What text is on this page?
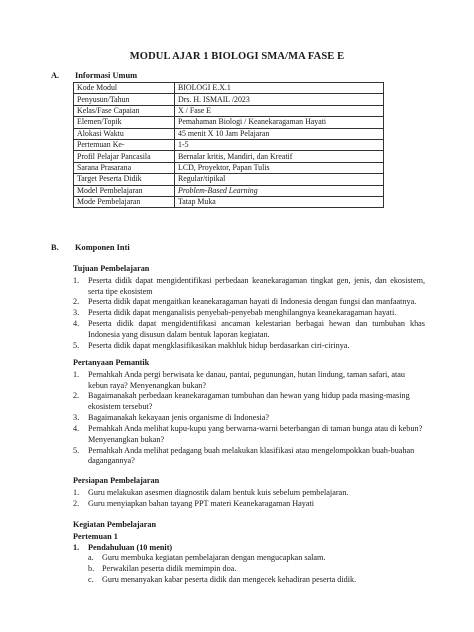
MODUL AJAR 1 BIOLOGI SMA/MA FASE E
A. Informasi Umum
Kode Modul	BIOLOGI E.X.1
Penyusun/Tahun	Drs. H. ISMAIL /2023
Kelas/Fase Capaian	X / Fase E
Elemen/Topik	Pemahaman Biologi / Keanekaragaman Hayati
Alokasi Waktu	45 menit X 10 Jam Pelajaran
Pertemuan Ke-	1-5
Profil Pelajar Pancasila	Bernalar kritis, Mandiri, dan Kreatif
Sarana Prasarana	LCD, Proyektor, Papan Tulis
Target Peserta Didik	Regular/tipikal
Model Pembelajaran	Problem-Based Learning
Mode Pembelajaran	Tatap Muka
B. Komponen Inti
Tujuan Pembelajaran
1. Peserta didik dapat mengidentifikasi perbedaan keanekaragaman tingkat gen, jenis, dan ekosistem, serta tipe ekosistem
2. Peserta didik dapat mengaitkan keanekaragaman hayati di Indonesia dengan fungsi dan manfaatnya.
3. Peserta didik dapat menganalisis penyebab-penyebab menghilangnya keanekaragaman hayati.
4. Peserta didik dapat mengidentifikasi ancaman kelestarian berbagai hewan dan tumbuhan khas Indonesia yang disusun dalam bentuk laporan kegiatan.
5. Peserta didik dapat mengklasifikasikan makhluk hidup berdasarkan ciri-cirinya.
Pertanyaan Pemantik
1. Pernahkah Anda pergi berwisata ke danau, pantai, pegunungan, hutan lindung, taman safari, atau kebun raya? Menyenangkan bukan?
2. Bagaimanakah perbedaan keanekaragaman tumbuhan dan hewan yang hidup pada masing-masing ekosistem tersebut?
3. Bagaimanakah kekayaan jenis organisme di Indonesia?
4. Pernahkah Anda melihat kupu-kupu yang berwarna-warni beterbangan di taman bunga atau di kebun? Menyenangkan bukan?
5. Pernahkah Anda melihat pedagang buah melakukan klasifikasi atau mengelompokkan buah-buahan dagangannya?
Persiapan Pembelajaran
1. Guru melakukan asesmen diagnostik dalam bentuk kuis sebelum pembelajaran.
2. Guru menyiapkan bahan tayang PPT materi Keanekaragaman Hayati
Kegiatan Pembelajaran
Pertemuan 1
1. Pendahuluan (10 menit)
a. Guru membuka kegiatan pembelajaran dengan mengucapkan salam.
b. Perwakilan peserta didik memimpin doa.
c. Guru menanyakan kabar peserta didik dan mengecek kehadiran peserta didik.
